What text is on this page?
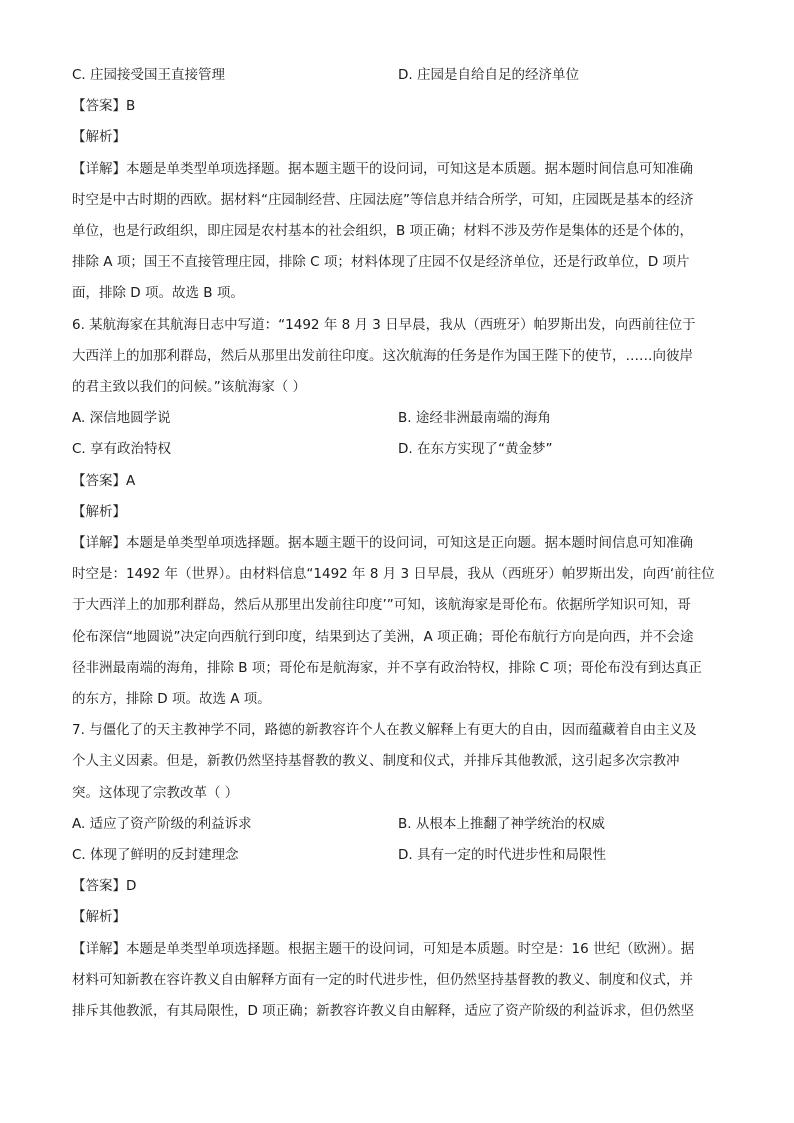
C. 庄园接受国王直接管理	D. 庄园是自给自足的经济单位
【答案】B
【解析】
【详解】本题是单类型单项选择题。据本题主题干的设问词，可知这是本质题。据本题时间信息可知准确
时空是中古时期的西欧。据材料“庄园制经营、庄园法庭”等信息并结合所学，可知，庄园既是基本的经济
单位，也是行政组织，即庄园是农村基本的社会组织，B 项正确；材料不涉及劳作是集体的还是个体的，
排除 A 项；国王不直接管理庄园，排除 C 项；材料体现了庄园不仅是经济单位，还是行政单位，D 项片
面，排除 D 项。故选 B 项。
6. 某航海家在其航海日志中写道：“1492 年 8 月 3 日早晨，我从（西班牙）帕罗斯出发，向西前往位于
大西洋上的加那利群岛，然后从那里出发前往印度。这次航海的任务是作为国王陛下的使节，……向彼岸
的君主致以我们的问候。”该航海家（ ）
A. 深信地圆学说	B. 途经非洲最南端的海角
C. 享有政治特权	D. 在东方实现了“黄金梦”
【答案】A
【解析】
【详解】本题是单类型单项选择题。据本题主题干的设问词，可知这是正向题。据本题时间信息可知准确
时空是：1492 年（世界）。由材料信息“1492 年 8 月 3 日早晨，我从（西班牙）帕罗斯出发，向西‘前往位
于大西洋上的加那利群岛，然后从那里出发前往印度’”可知，该航海家是哥伦布。依据所学知识可知，哥
伦布深信“地圆说”决定向西航行到印度，结果到达了美洲，A 项正确；哥伦布航行方向是向西，并不会途
径非洲最南端的海角，排除 B 项；哥伦布是航海家，并不享有政治特权，排除 C 项；哥伦布没有到达真正
的东方，排除 D 项。故选 A 项。
7. 与僵化了的天主教神学不同，路德的新教容许个人在教义解释上有更大的自由，因而蕴藏着自由主义及
个人主义因素。但是，新教仍然坚持基督教的教义、制度和仪式，并排斥其他教派，这引起多次宗教冲
突。这体现了宗教改革（ ）
A. 适应了资产阶级的利益诉求	B. 从根本上推翻了神学统治的权威
C. 体现了鲜明的反封建理念	D. 具有一定的时代进步性和局限性
【答案】D
【解析】
【详解】本题是单类型单项选择题。根据主题干的设问词，可知是本质题。时空是：16 世纪（欧洲）。据
材料可知新教在容许教义自由解释方面有一定的时代进步性，但仍然坚持基督教的教义、制度和仪式，并
排斥其他教派，有其局限性，D 项正确；新教容许教义自由解释，适应了资产阶级的利益诉求，但仍然坚
